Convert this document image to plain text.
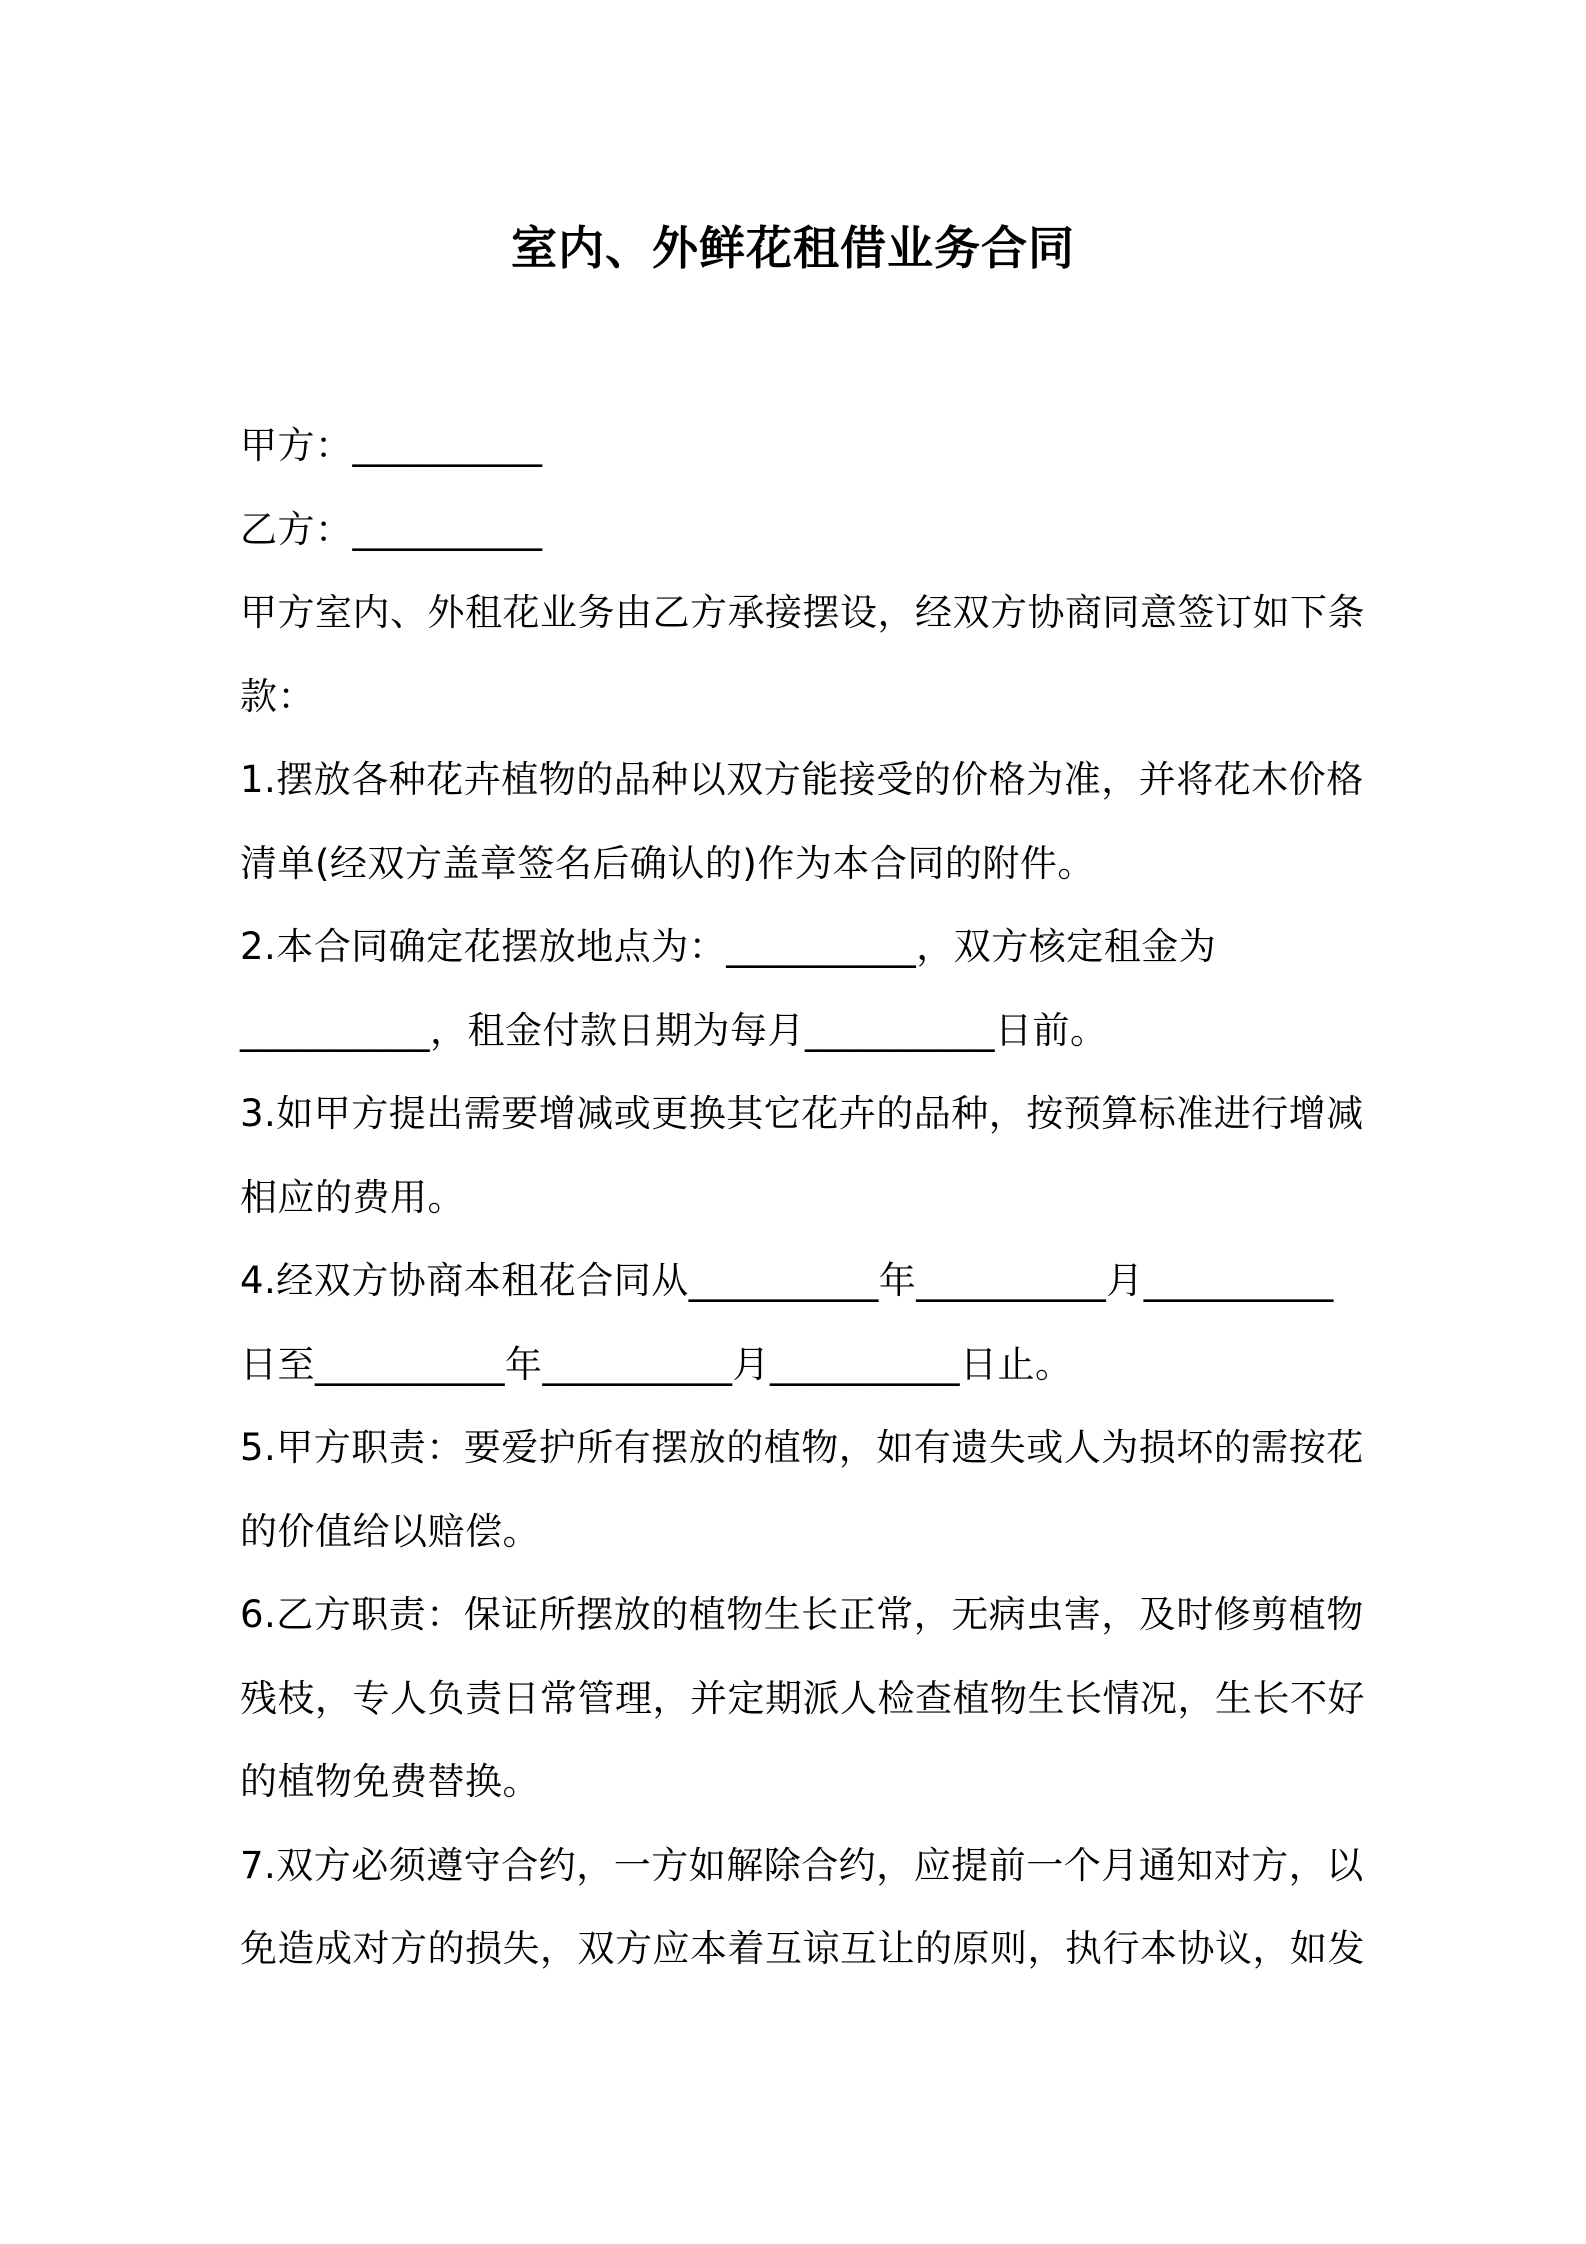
室内、外鲜花租借业务合同
甲方：__________
乙方：__________
甲方室内、外租花业务由乙方承接摆设，经双方协商同意签订如下条
款：
1.摆放各种花卉植物的品种以双方能接受的价格为准，并将花木价格
清单(经双方盖章签名后确认的)作为本合同的附件。
2.本合同确定花摆放地点为：__________，双方核定租金为
__________，租金付款日期为每月__________日前。
3.如甲方提出需要增减或更换其它花卉的品种，按预算标准进行增减
相应的费用。
4.经双方协商本租花合同从__________年__________月__________
日至__________年__________月__________日止。
5.甲方职责：要爱护所有摆放的植物，如有遗失或人为损坏的需按花
的价值给以赔偿。
6.乙方职责：保证所摆放的植物生长正常，无病虫害，及时修剪植物
残枝，专人负责日常管理，并定期派人检查植物生长情况，生长不好
的植物免费替换。
7.双方必须遵守合约，一方如解除合约，应提前一个月通知对方，以
免造成对方的损失，双方应本着互谅互让的原则，执行本协议，如发
